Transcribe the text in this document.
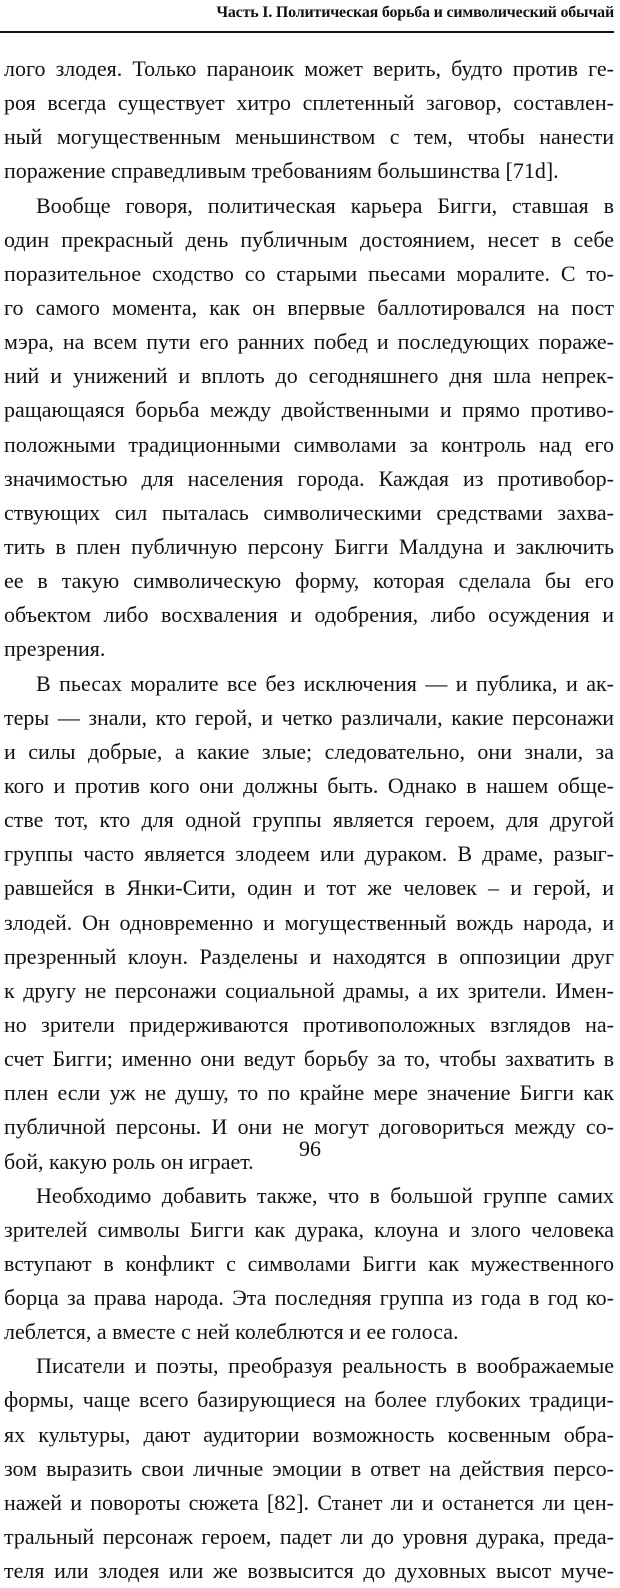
Часть I. Политическая борьба и символический обычай
лого злодея. Только параноик может верить, будто против ге-
роя всегда существует хитро сплетенный заговор, составлен-
ный могущественным меньшинством с тем, чтобы нанести
поражение справедливым требованиям большинства [71d].
Вообще говоря, политическая карьера Бигги, ставшая в
один прекрасный день публичным достоянием, несет в себе
поразительное сходство со старыми пьесами моралите. С то-
го самого момента, как он впервые баллотировался на пост
мэра, на всем пути его ранних побед и последующих пораже-
ний и унижений и вплоть до сегодняшнего дня шла непрек-
ращающаяся борьба между двойственными и прямо противо-
положными традиционными символами за контроль над его
значимостью для населения города. Каждая из противобор-
ствующих сил пыталась символическими средствами захва-
тить в плен публичную персону Бигги Малдуна и заключить
ее в такую символическую форму, которая сделала бы его
объектом либо восхваления и одобрения, либо осуждения и
презрения.
В пьесах моралите все без исключения — и публика, и ак-
теры — знали, кто герой, и четко различали, какие персонажи
и силы добрые, а какие злые; следовательно, они знали, за
кого и против кого они должны быть. Однако в нашем обще-
стве тот, кто для одной группы является героем, для другой
группы часто является злодеем или дураком. В драме, разыг-
равшейся в Янки-Сити, один и тот же человек – и герой, и
злодей. Он одновременно и могущественный вождь народа, и
презренный клоун. Разделены и находятся в оппозиции друг
к другу не персонажи социальной драмы, а их зрители. Имен-
но зрители придерживаются противоположных взглядов на-
счет Бигги; именно они ведут борьбу за то, чтобы захватить в
плен если уж не душу, то по крайне мере значение Бигги как
публичной персоны. И они не могут договориться между со-
бой, какую роль он играет.
Необходимо добавить также, что в большой группе самих
зрителей символы Бигги как дурака, клоуна и злого человека
вступают в конфликт с символами Бигги как мужественного
борца за права народа. Эта последняя группа из года в год ко-
леблется, а вместе с ней колеблются и ее голоса.
Писатели и поэты, преобразуя реальность в воображаемые
формы, чаще всего базирующиеся на более глубоких традици-
ях культуры, дают аудитории возможность косвенным обра-
зом выразить свои личные эмоции в ответ на действия персо-
нажей и повороты сюжета [82]. Станет ли и останется ли цен-
тральный персонаж героем, падет ли до уровня дурака, преда-
теля или злодея или же возвысится до духовных высот муче-
96
